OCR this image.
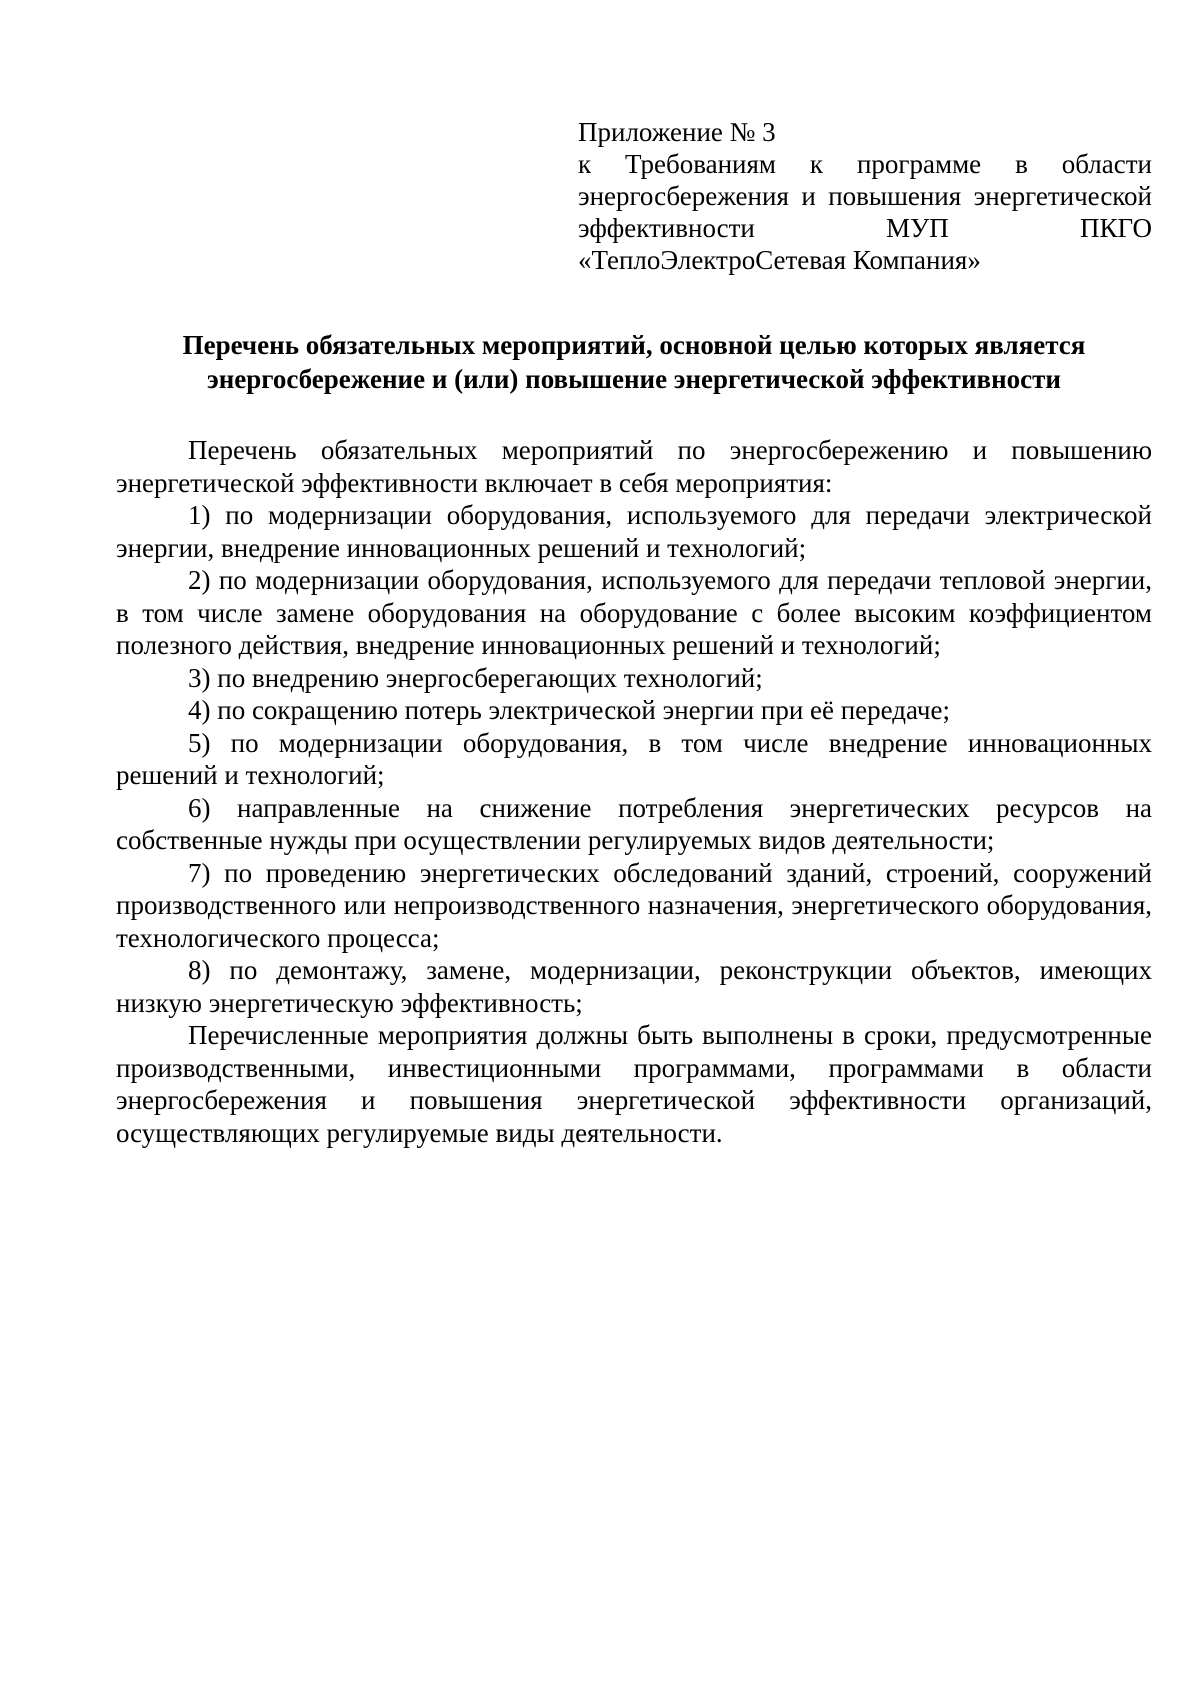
Приложение № 3
к Требованиям к программе в области энергосбережения и повышения энергетической эффективности МУП ПКГО
«ТеплоЭлектроСетевая Компания»
Перечень обязательных мероприятий, основной целью которых является
энергосбережение и (или) повышение энергетической эффективности

Перечень обязательных мероприятий по энергосбережению и повышению энергетической эффективности включает в себя мероприятия:

1) по модернизации оборудования, используемого для передачи электрической энергии, внедрение инновационных решений и технологий;

2) по модернизации оборудования, используемого для передачи тепловой энергии, в том числе замене оборудования на оборудование с более высоким коэффициентом полезного действия, внедрение инновационных решений и технологий;

3) по внедрению энергосберегающих технологий;

4) по сокращению потерь электрической энергии при её передаче;

5) по модернизации оборудования, в том числе внедрение инновационных решений и технологий;

6) направленные на снижение потребления энергетических ресурсов на собственные нужды при осуществлении регулируемых видов деятельности;

7) по проведению энергетических обследований зданий, строений, сооружений производственного или непроизводственного назначения, энергетического оборудования, технологического процесса;

8) по демонтажу, замене, модернизации, реконструкции объектов, имеющих низкую энергетическую эффективность;

Перечисленные мероприятия должны быть выполнены в сроки, предусмотренные производственными, инвестиционными программами, программами в области энергосбережения и повышения энергетической эффективности организаций, осуществляющих регулируемые виды деятельности.
